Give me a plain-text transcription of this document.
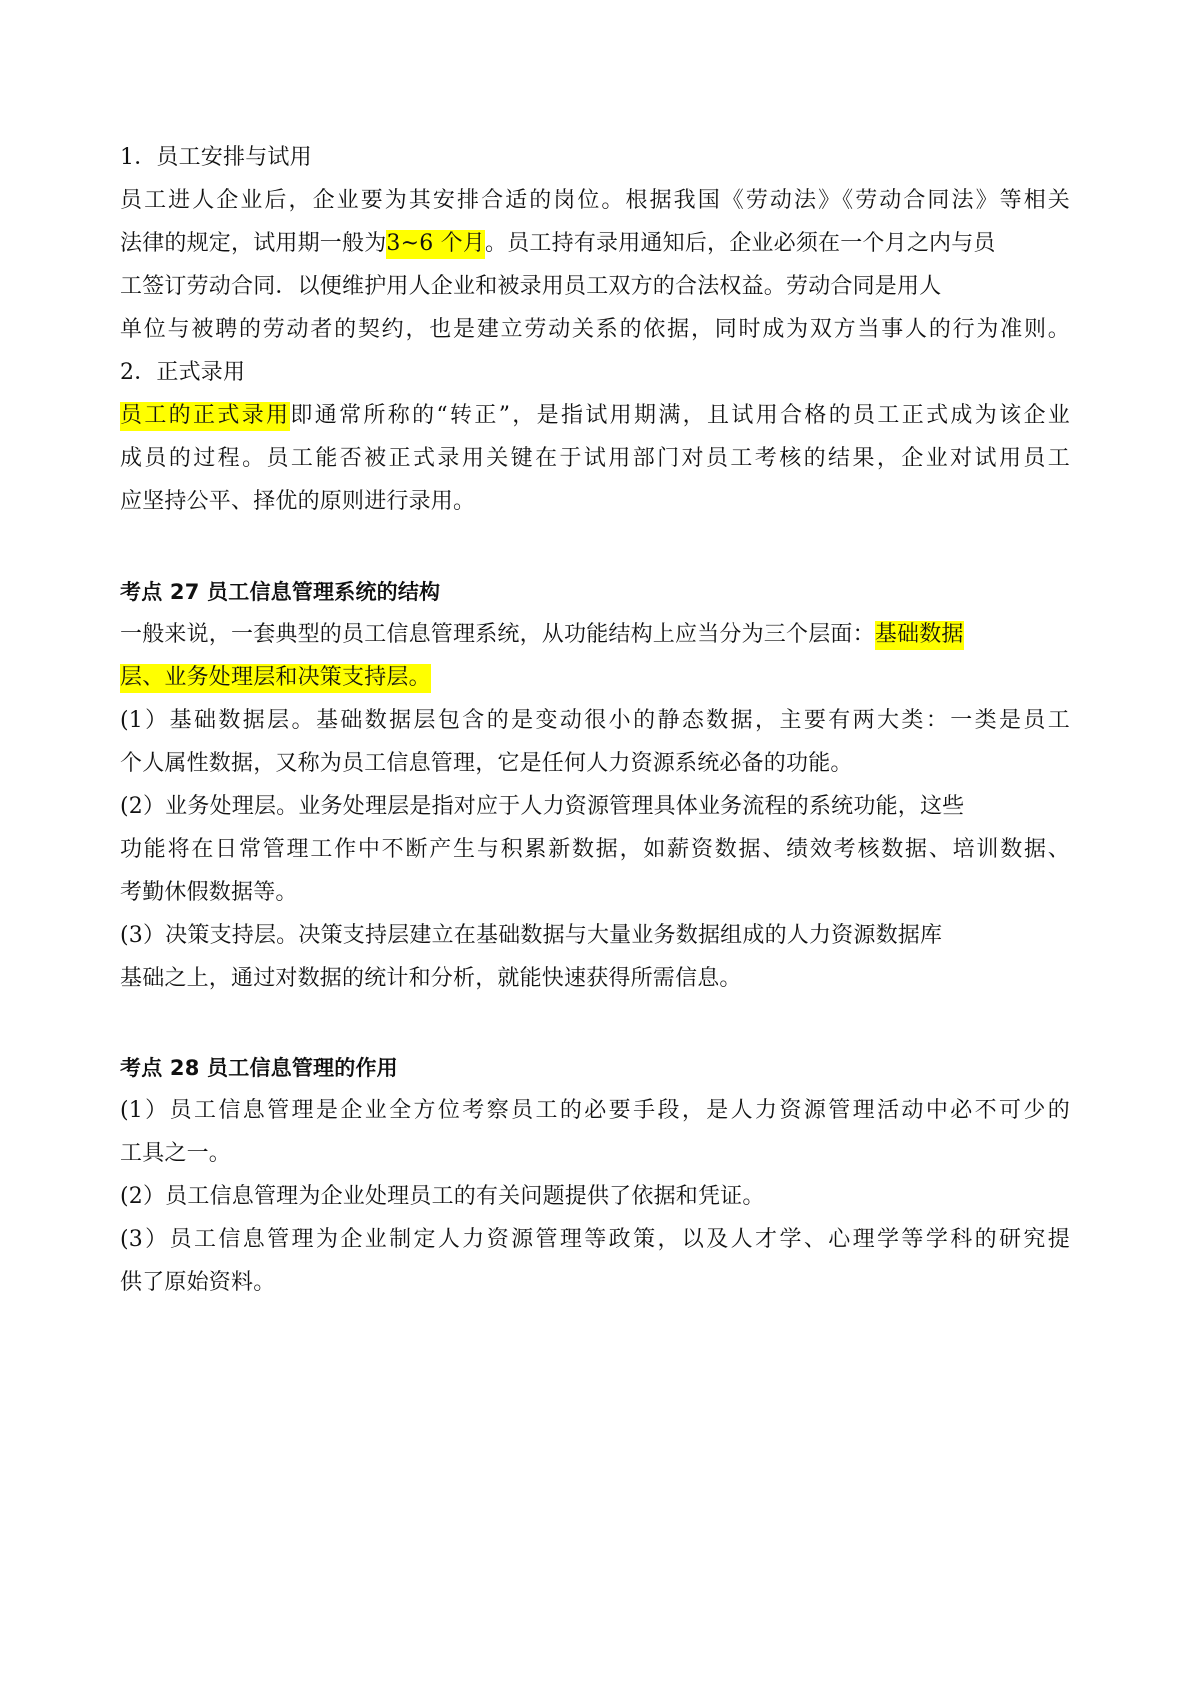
1．员工安排与试用
员工进人企业后，企业要为其安排合适的岗位。根据我国《劳动法》《劳动合同法》等相关
法律的规定，试用期一般为3~6 个月。员工持有录用通知后，企业必须在一个月之内与员
工签订劳动合同．以便维护用人企业和被录用员工双方的合法权益。劳动合同是用人
单位与被聘的劳动者的契约，也是建立劳动关系的依据，同时成为双方当事人的行为准则。
2．正式录用
员工的正式录用即通常所称的“转正”，是指试用期满，且试用合格的员工正式成为该企业
成员的过程。员工能否被正式录用关键在于试用部门对员工考核的结果，企业对试用员工
应坚持公平、择优的原则进行录用。
考点 27 员工信息管理系统的结构
一般来说，一套典型的员工信息管理系统，从功能结构上应当分为三个层面：基础数据
层、业务处理层和决策支持层。
(1）基础数据层。基础数据层包含的是变动很小的静态数据，主要有两大类：一类是员工
个人属性数据，又称为员工信息管理，它是任何人力资源系统必备的功能。
(2）业务处理层。业务处理层是指对应于人力资源管理具体业务流程的系统功能，这些
功能将在日常管理工作中不断产生与积累新数据，如薪资数据、绩效考核数据、培训数据、
考勤休假数据等。
(3）决策支持层。决策支持层建立在基础数据与大量业务数据组成的人力资源数据库
基础之上，通过对数据的统计和分析，就能快速获得所需信息。
考点 28 员工信息管理的作用
(1）员工信息管理是企业全方位考察员工的必要手段，是人力资源管理活动中必不可少的
工具之一。
(2）员工信息管理为企业处理员工的有关问题提供了依据和凭证。
(3）员工信息管理为企业制定人力资源管理等政策，以及人才学、心理学等学科的研究提
供了原始资料。
